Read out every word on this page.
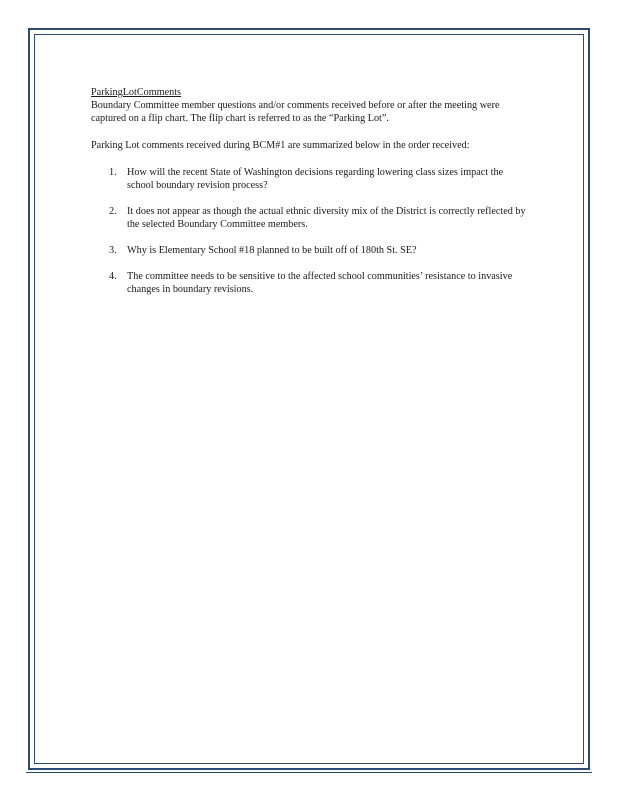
ParkingLotComments

Boundary Committee member questions and/or comments received before or after the meeting were captured on a flip chart. The flip chart is referred to as the “Parking Lot”.

Parking Lot comments received during BCM#1 are summarized below in the order received:

1. How will the recent State of Washington decisions regarding lowering class sizes impact the school boundary revision process?
2. It does not appear as though the actual ethnic diversity mix of the District is correctly reflected by the selected Boundary Committee members.
3. Why is Elementary School #18 planned to be built off of 180th St. SE?
4. The committee needs to be sensitive to the affected school communities’ resistance to invasive changes in boundary revisions.
